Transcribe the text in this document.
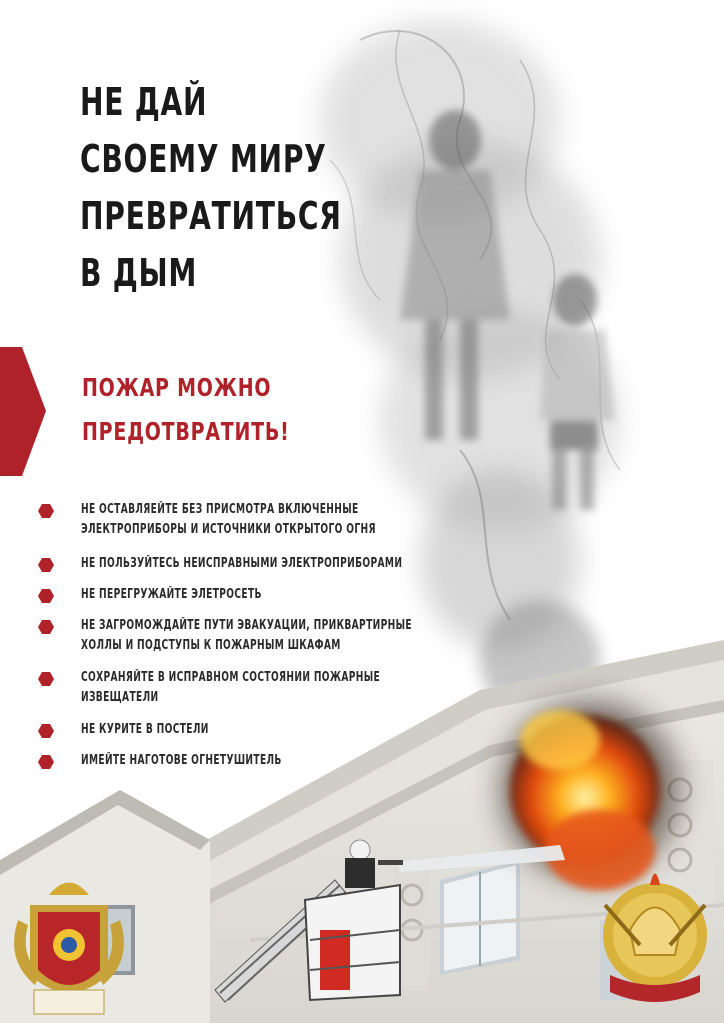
НЕ ДАЙ
СВОЕМУ МИРУ
ПРЕВРАТИТЬСЯ
В ДЫМ
ПОЖАР МОЖНО
ПРЕДОТВРАТИТЬ!
НЕ ОСТАВЛЯЕЙТЕ БЕЗ ПРИСМОТРА ВКЛЮЧЕННЫЕ
ЭЛЕКТРОПРИБОРЫ И ИСТОЧНИКИ ОТКРЫТОГО ОГНЯ
НЕ ПОЛЬЗУЙТЕСЬ НЕИСПРАВНЫМИ ЭЛЕКТРОПРИБОРАМИ
НЕ ПЕРЕГРУЖАЙТЕ ЭЛЕТРОСЕТЬ
НЕ ЗАГРОМОЖДАЙТЕ ПУТИ ЭВАКУАЦИИ, ПРИКВАРТИРНЫЕ
ХОЛЛЫ И ПОДСТУПЫ К ПОЖАРНЫМ ШКАФАМ
СОХРАНЯЙТЕ В ИСПРАВНОМ СОСТОЯНИИ ПОЖАРНЫЕ
ИЗВЕЩАТЕЛИ
НЕ КУРИТЕ В ПОСТЕЛИ
ИМЕЙТЕ НАГОТОВЕ ОГНЕТУШИТЕЛЬ
